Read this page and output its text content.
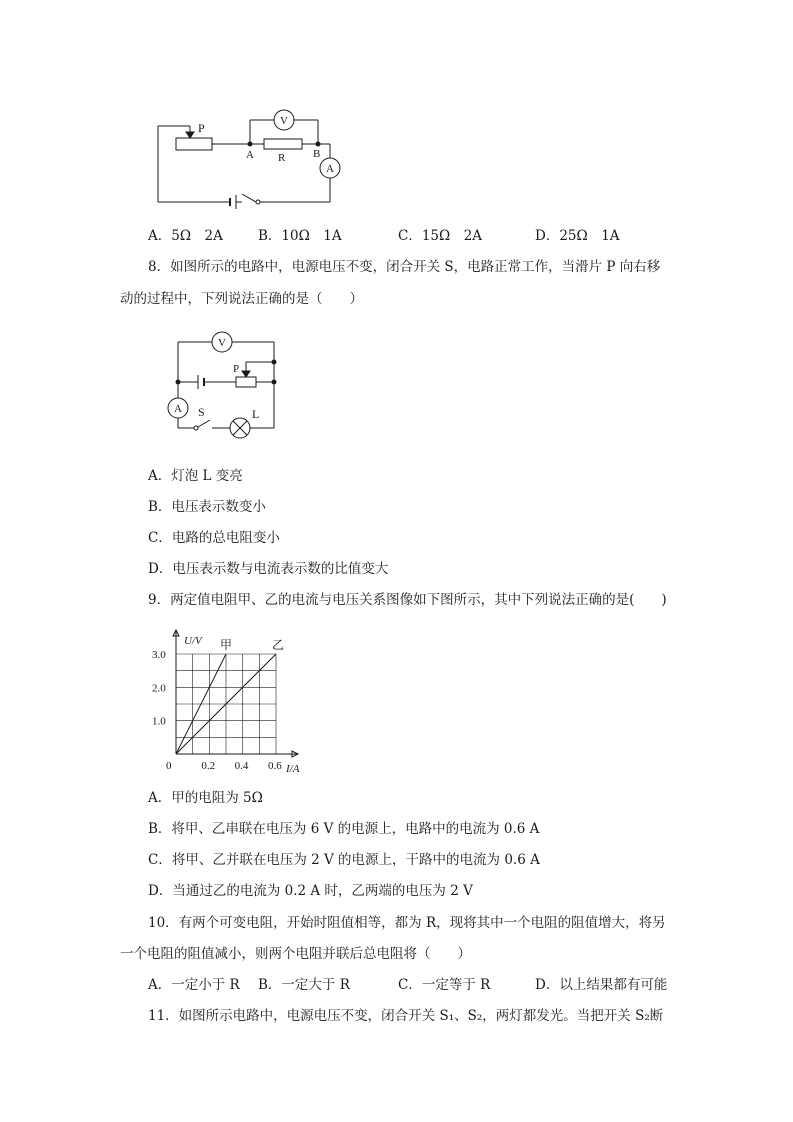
P	V
A R	B
A
A．5Ω　2A	B．10Ω　1A	C．15Ω　2A	D．25Ω　1A
8．如图所示的电路中，电源电压不变，闭合开关 S，电路正常工作，当滑片 P 向右移
动的过程中，下列说法正确的是（　　）
V
P
A S	L
A．灯泡 L 变亮
B．电压表示数变小
C．电路的总电阻变小
D．电压表示数与电流表示数的比值变大
9．两定值电阻甲、乙的电流与电压关系图像如下图所示，其中下列说法正确的是(　　)
U/V
I/A
0	0.2 0.4 0.6
1.0
2.0
3.0
甲	乙
A．甲的电阻为 5Ω
B．将甲、乙串联在电压为 6 V 的电源上，电路中的电流为 0.6 A
C．将甲、乙并联在电压为 2 V 的电源上，干路中的电流为 0.6 A
D．当通过乙的电流为 0.2 A 时，乙两端的电压为 2 V
10．有两个可变电阻，开始时阻值相等，都为 R，现将其中一个电阻的阻值增大，将另
一个电阻的阻值减小，则两个电阻并联后总电阻将（　　）
A．一定小于 R B．一定大于 R	C．一定等于 R	D．以上结果都有可能
11．如图所示电路中，电源电压不变，闭合开关 S₁、S₂，两灯都发光。当把开关 S₂断
